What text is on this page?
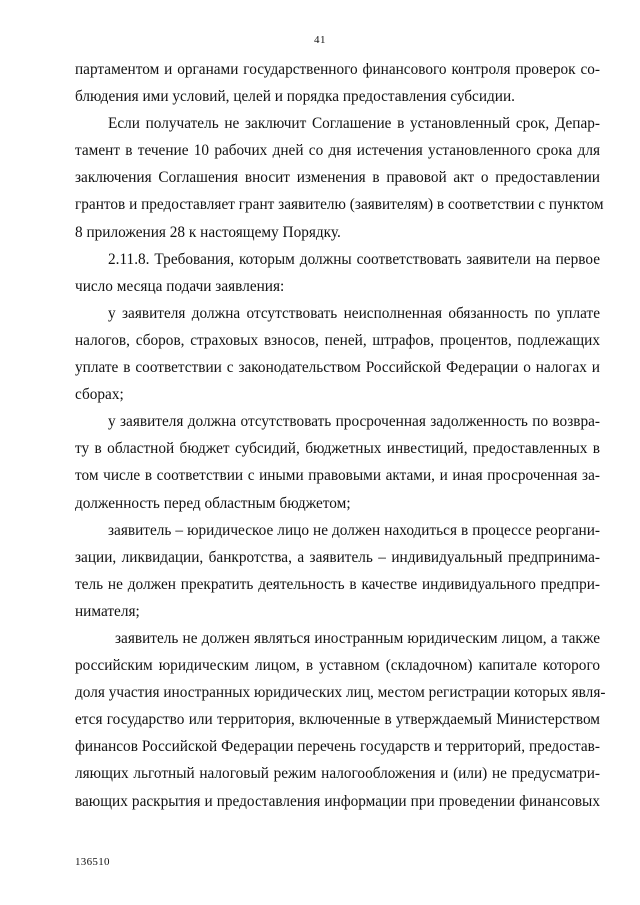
41
партаментом и органами государственного финансового контроля проверок со-
блюдения ими условий, целей и порядка предоставления субсидии.
Если получатель не заключит Соглашение в установленный срок, Депар-
тамент в течение 10 рабочих дней со дня истечения установленного срока для
заключения Соглашения вносит изменения в правовой акт о предоставлении
грантов и предоставляет грант заявителю (заявителям) в соответствии с пунктом
8 приложения 28 к настоящему Порядку.
2.11.8. Требования, которым должны соответствовать заявители на первое
число месяца подачи заявления:
у заявителя должна отсутствовать неисполненная обязанность по уплате
налогов, сборов, страховых взносов, пеней, штрафов, процентов, подлежащих
уплате в соответствии с законодательством Российской Федерации о налогах и
сборах;
у заявителя должна отсутствовать просроченная задолженность по возвра-
ту в областной бюджет субсидий, бюджетных инвестиций, предоставленных в
том числе в соответствии с иными правовыми актами, и иная просроченная за-
долженность перед областным бюджетом;
заявитель – юридическое лицо не должен находиться в процессе реоргани-
зации, ликвидации, банкротства, а заявитель – индивидуальный предпринима-
тель не должен прекратить деятельность в качестве индивидуального предпри-
нимателя;
заявитель не должен являться иностранным юридическим лицом, а также
российским юридическим лицом, в уставном (складочном) капитале которого
доля участия иностранных юридических лиц, местом регистрации которых явля-
ется государство или территория, включенные в утверждаемый Министерством
финансов Российской Федерации перечень государств и территорий, предостав-
ляющих льготный налоговый режим налогообложения и (или) не предусматри-
вающих раскрытия и предоставления информации при проведении финансовых
136510
